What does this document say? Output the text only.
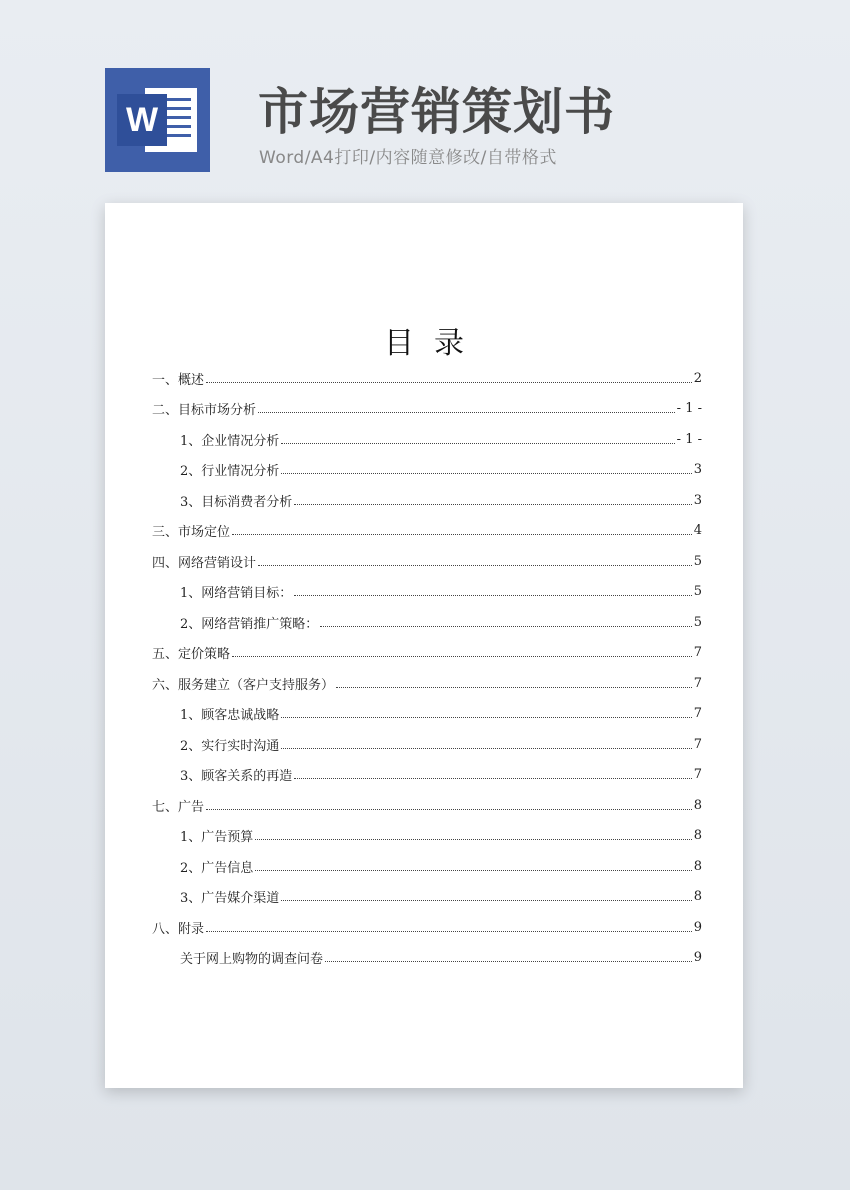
W 市场营销策划书
Word/A4打印/内容随意修改/自带格式
目录
一、概述	2
二、目标市场分析	- 1 -
1、企业情况分析	- 1 -
2、行业情况分析	3
3、目标消费者分析	3
三、市场定位	4
四、网络营销设计	5
1、网络营销目标：	5
2、网络营销推广策略：	5
五、定价策略	7
六、服务建立（客户支持服务）	7
1、顾客忠诚战略	7
2、实行实时沟通	7
3、顾客关系的再造	7
七、广告	8
1、广告预算	8
2、广告信息	8
3、广告媒介渠道	8
八、附录	9
关于网上购物的调查问卷	9
